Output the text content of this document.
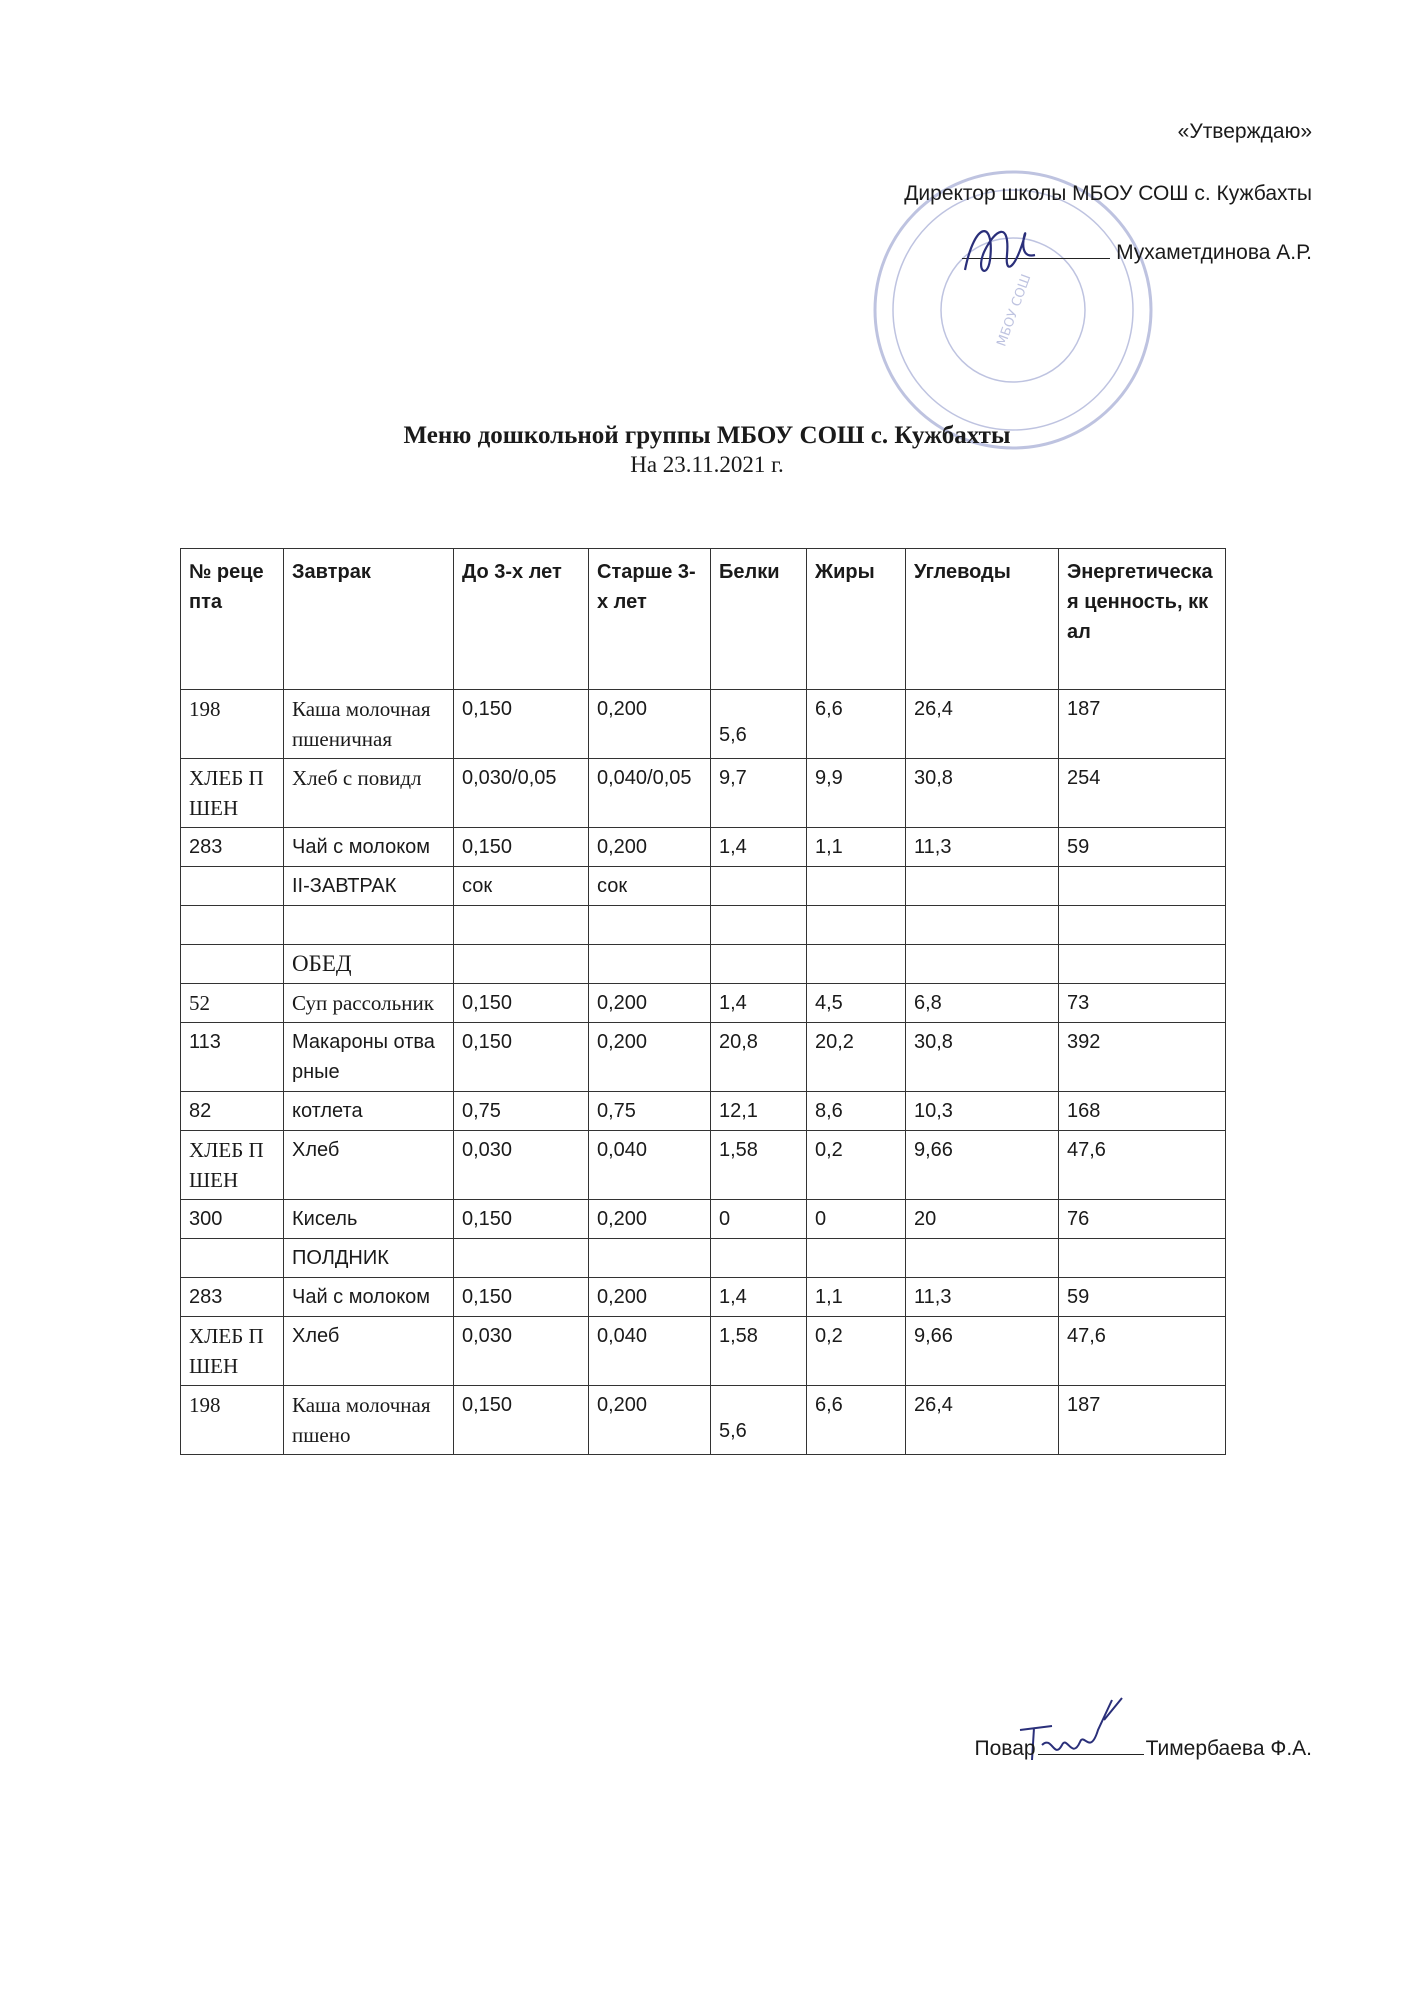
МБОУ СОШ
«Утверждаю»
Директор школы МБОУ СОШ с. Кужбахты
Мухаметдинова А.Р.
Меню дошкольной группы МБОУ СОШ с. Кужбахты
На 23.11.2021 г.
№ рецепта	Завтрак	До 3-х лет	Старше 3-х лет	Белки	Жиры	Углеводы	Энергетическая ценность, ккал
198	Каша молочная пшеничная	0,150	0,200	5,6	6,6	26,4	187
ХЛЕБ ПШЕН	Хлеб с повидл	0,030/0,05	0,040/0,05	9,7	9,9	30,8	254
283	Чай с молоком	0,150	0,200	1,4	1,1	11,3	59
	II-ЗАВТРАК	сок	сок				

	ОБЕД						
52	Суп рассольник	0,150	0,200	1,4	4,5	6,8	73
113	Макароны отварные	0,150	0,200	20,8	20,2	30,8	392
82	котлета	0,75	0,75	12,1	8,6	10,3	168
ХЛЕБ ПШЕН	Хлеб	0,030	0,040	1,58	0,2	9,66	47,6
300	Кисель	0,150	0,200	0	0	20	76
	ПОЛДНИК						
283	Чай с молоком	0,150	0,200	1,4	1,1	11,3	59
ХЛЕБ ПШЕН	Хлеб	0,030	0,040	1,58	0,2	9,66	47,6
198	Каша молочная пшено	0,150	0,200	5,6	6,6	26,4	187
Повар	Тимербаева Ф.А.
